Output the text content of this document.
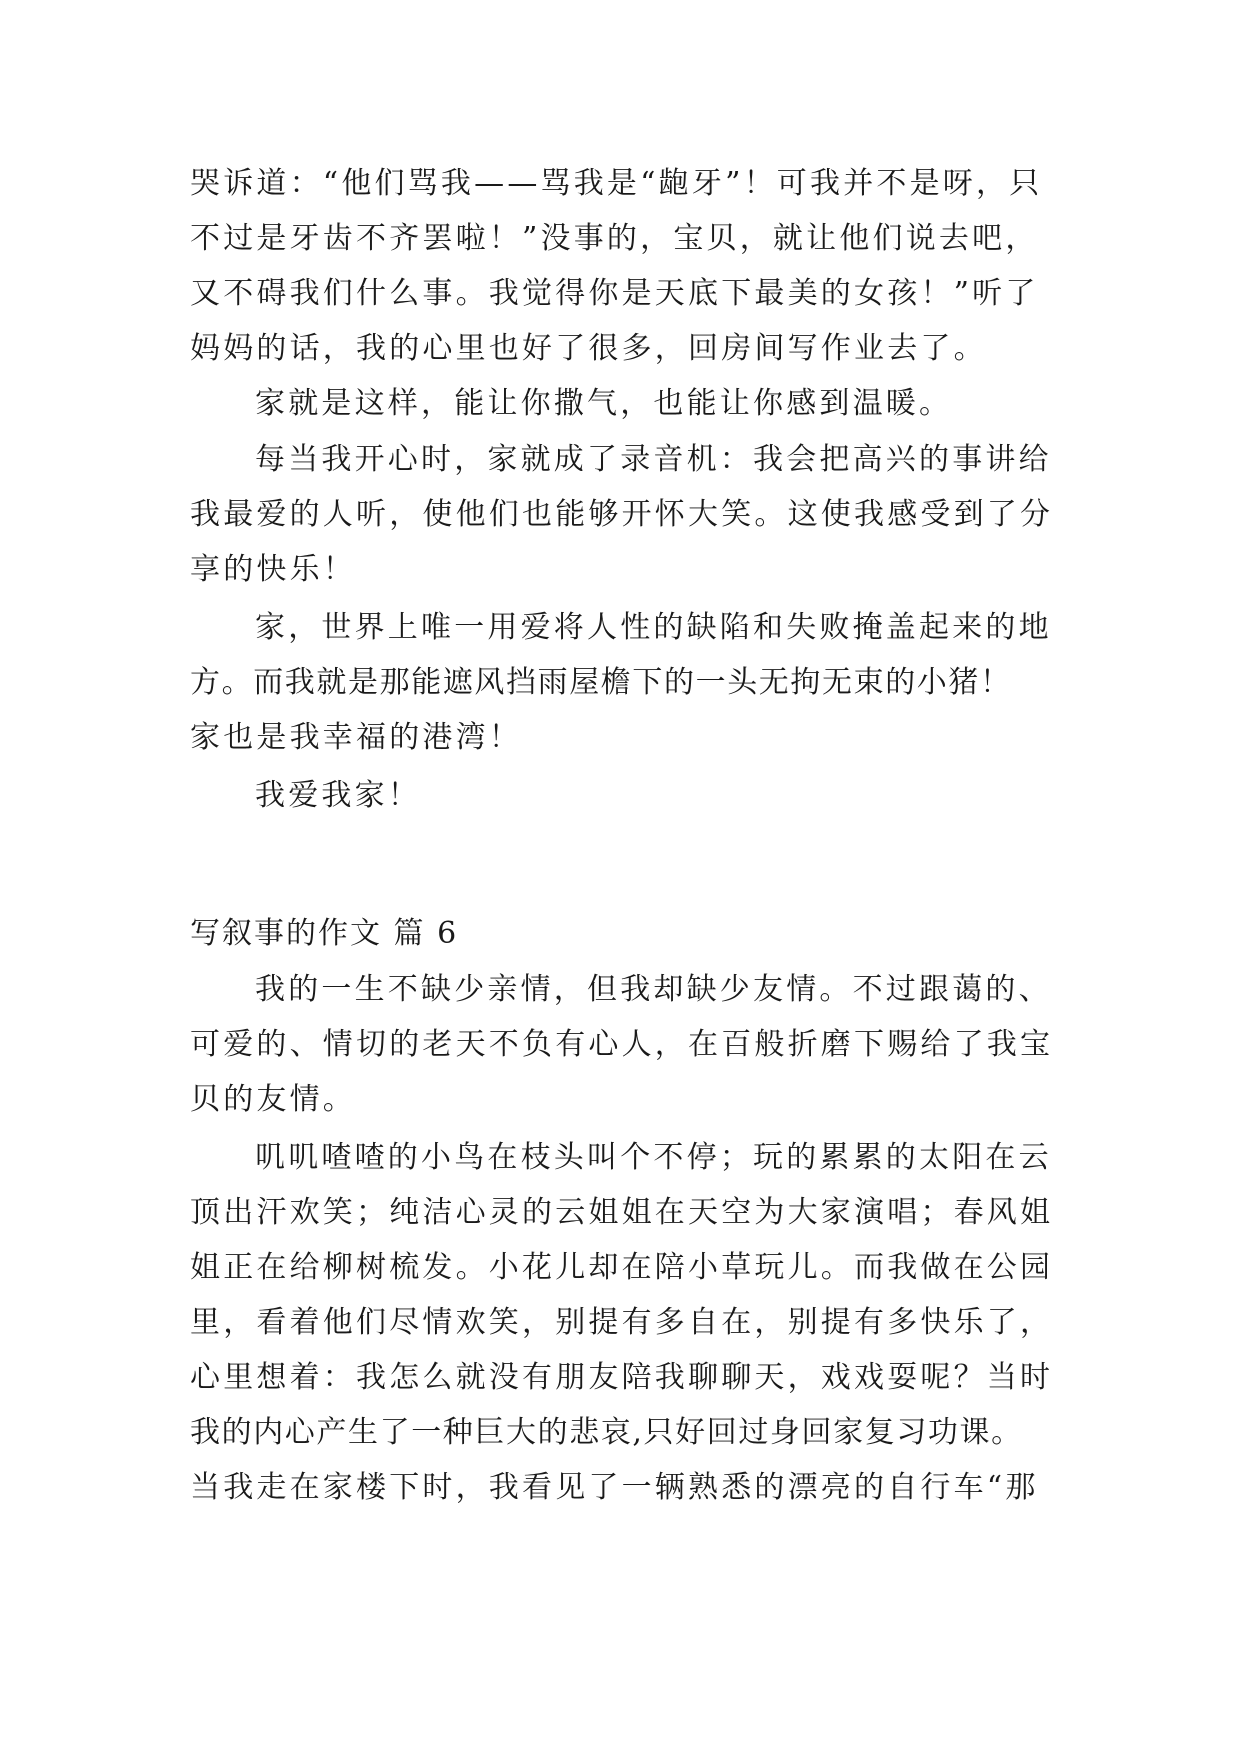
哭诉道：“他们骂我——骂我是“龅牙”！可我并不是呀，只
不过是牙齿不齐罢啦！”没事的，宝贝，就让他们说去吧，
又不碍我们什么事。我觉得你是天底下最美的女孩！”听了
妈妈的话，我的心里也好了很多，回房间写作业去了。
家就是这样，能让你撒气，也能让你感到温暖。
每当我开心时，家就成了录音机：我会把高兴的事讲给
我最爱的人听，使他们也能够开怀大笑。这使我感受到了分
享的快乐！
家，世界上唯一用爱将人性的缺陷和失败掩盖起来的地
方。而我就是那能遮风挡雨屋檐下的一头无拘无束的小猪！
家也是我幸福的港湾！
我爱我家！
写叙事的作文 篇 6
我的一生不缺少亲情，但我却缺少友情。不过跟蔼的、
可爱的、情切的老天不负有心人，在百般折磨下赐给了我宝
贝的友情。
叽叽喳喳的小鸟在枝头叫个不停；玩的累累的太阳在云
顶出汗欢笑；纯洁心灵的云姐姐在天空为大家演唱；春风姐
姐正在给柳树梳发。小花儿却在陪小草玩儿。而我做在公园
里，看着他们尽情欢笑，别提有多自在，别提有多快乐了，
心里想着：我怎么就没有朋友陪我聊聊天，戏戏耍呢？当时
我的内心产生了一种巨大的悲哀,只好回过身回家复习功课。
当我走在家楼下时，我看见了一辆熟悉的漂亮的自行车“那
